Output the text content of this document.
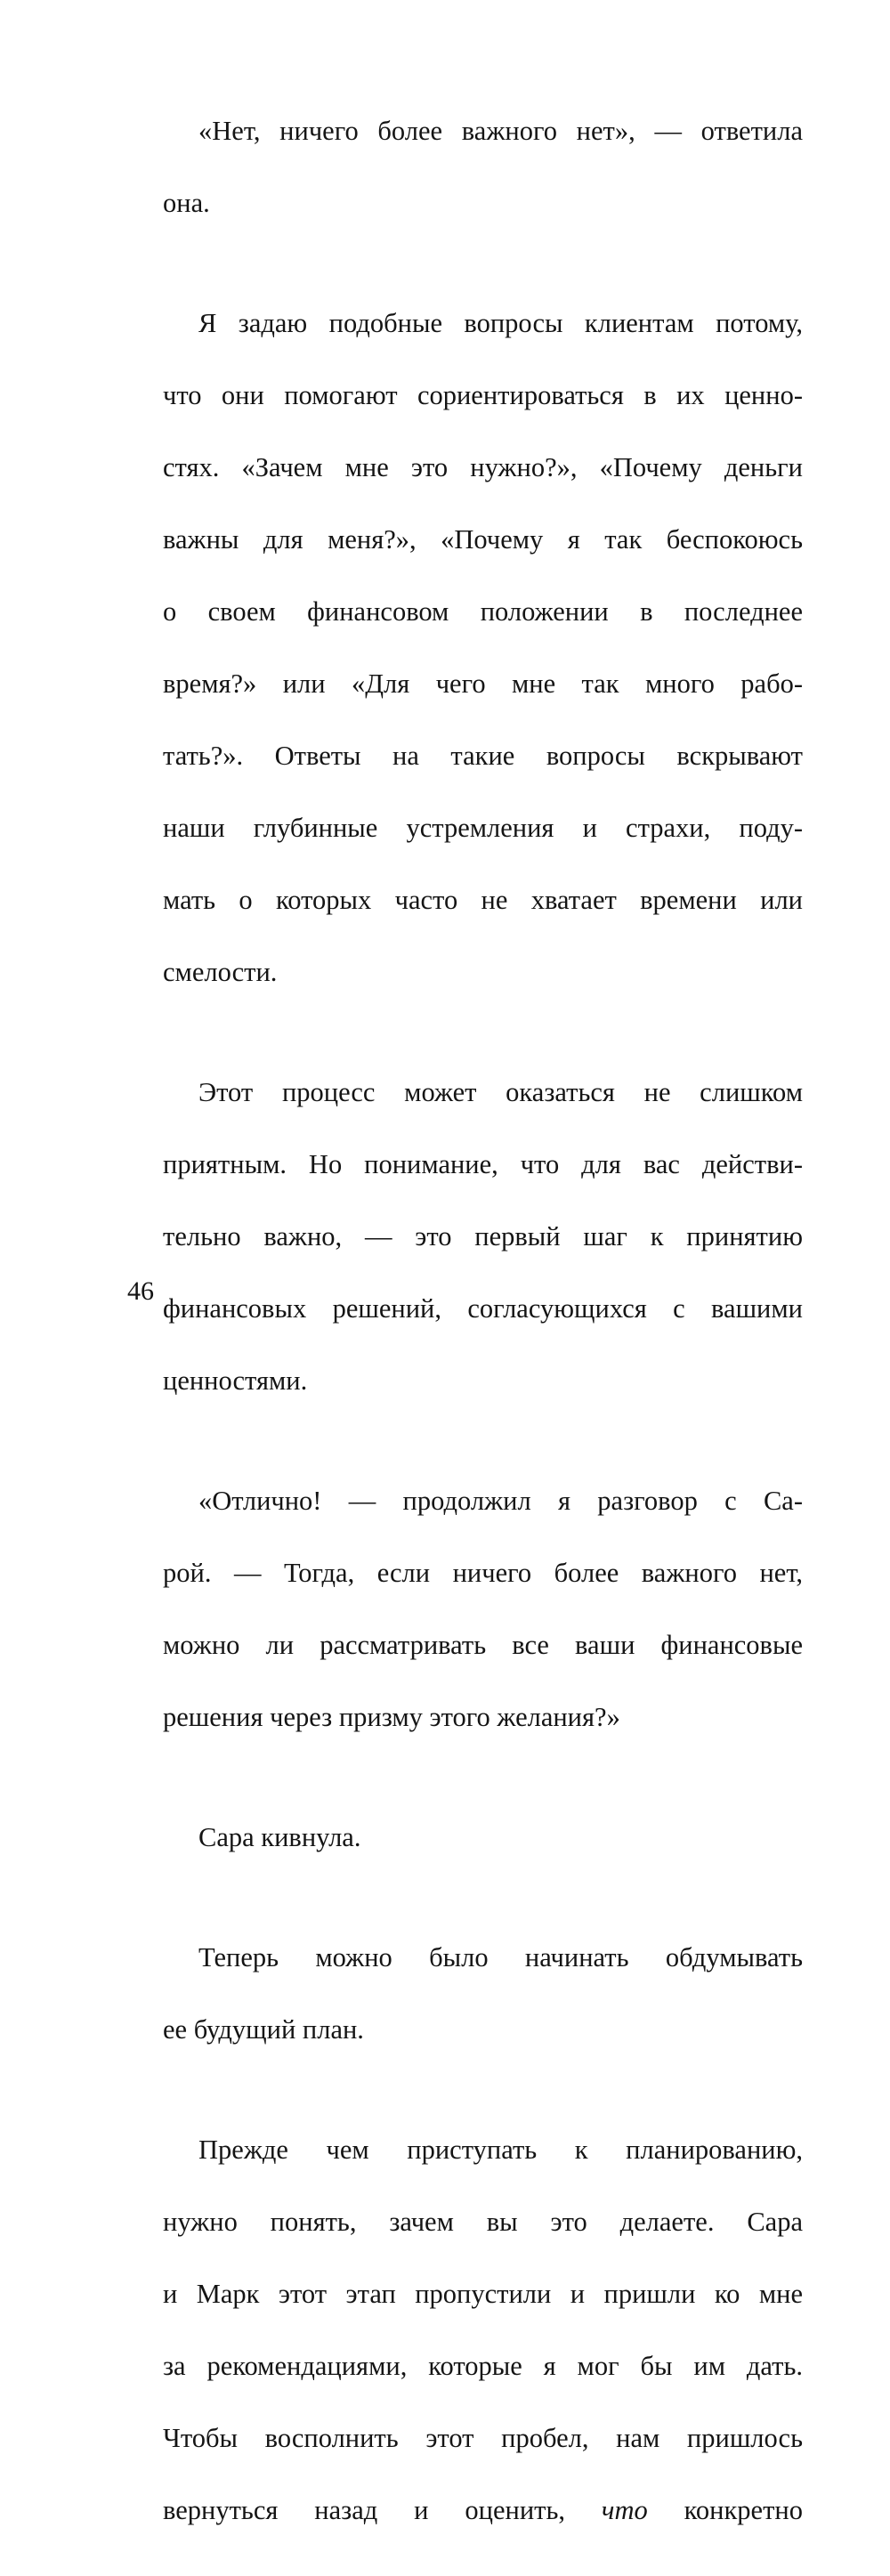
«Нет, ничего более важного нет», — ответила

она.

Я задаю подобные вопросы клиентам потому,

что они помогают сориентироваться в их ценно-

стях. «Зачем мне это нужно?», «Почему деньги

важны для меня?», «Почему я так беспокоюсь

о своем финансовом положении в последнее

время?» или «Для чего мне так много рабо-

тать?». Ответы на такие вопросы вскрывают

наши глубинные устремления и страхи, поду-

мать о которых часто не хватает времени или

смелости.

Этот процесс может оказаться не слишком

приятным. Но понимание, что для вас действи-

тельно важно, — это первый шаг к принятию

финансовых решений, согласующихся с вашими

ценностями.

«Отлично! — продолжил я разговор с Са-

рой. — Тогда, если ничего более важного нет,

можно ли рассматривать все ваши финансовые

решения через призму этого желания?»

Сара кивнула.

Теперь можно было начинать обдумывать

ее будущий план.

Прежде чем приступать к планированию,

нужно понять, зачем вы это делаете. Сара

и Марк этот этап пропустили и пришли ко мне

за рекомендациями, которые я мог бы им дать.

Чтобы восполнить этот пробел, нам пришлось

вернуться назад и оценить, что конкретно

46
